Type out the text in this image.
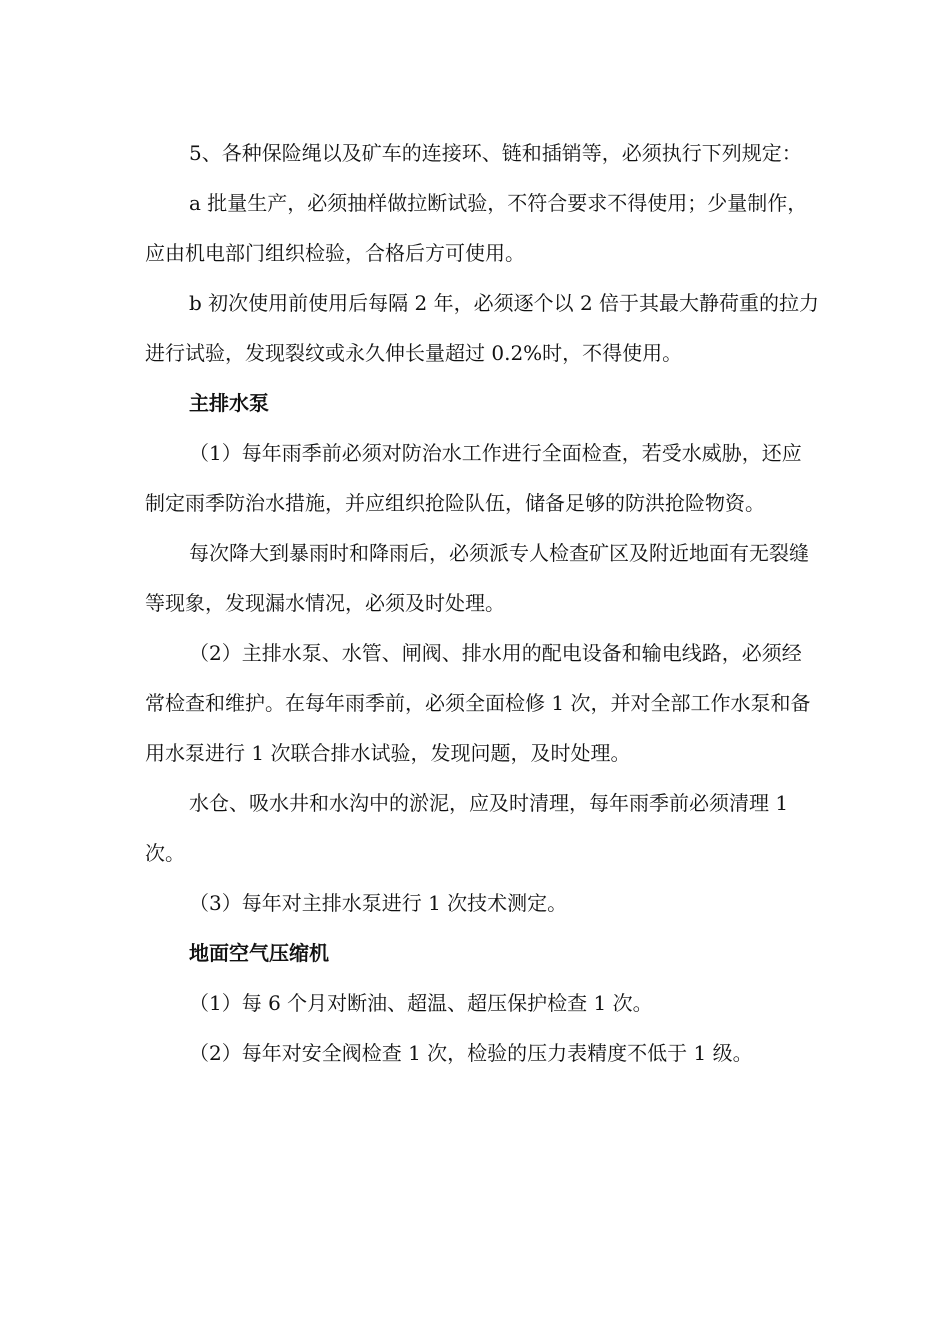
5、各种保险绳以及矿车的连接环、链和插销等，必须执行下列规定：

a 批量生产，必须抽样做拉断试验，不符合要求不得使用；少量制作，应由机电部门组织检验，合格后方可使用。

b 初次使用前使用后每隔 2 年，必须逐个以 2 倍于其最大静荷重的拉力进行试验，发现裂纹或永久伸长量超过 0.2%时，不得使用。

主排水泵

（1）每年雨季前必须对防治水工作进行全面检查，若受水威胁，还应制定雨季防治水措施，并应组织抢险队伍，储备足够的防洪抢险物资。

每次降大到暴雨时和降雨后，必须派专人检查矿区及附近地面有无裂缝等现象，发现漏水情况，必须及时处理。

（2）主排水泵、水管、闸阀、排水用的配电设备和输电线路，必须经常检查和维护。在每年雨季前，必须全面检修 1 次，并对全部工作水泵和备用水泵进行 1 次联合排水试验，发现问题，及时处理。

水仓、吸水井和水沟中的淤泥，应及时清理，每年雨季前必须清理 1 次。

（3）每年对主排水泵进行 1 次技术测定。

地面空气压缩机

（1）每 6 个月对断油、超温、超压保护检查 1 次。

（2）每年对安全阀检查 1 次，检验的压力表精度不低于 1 级。
